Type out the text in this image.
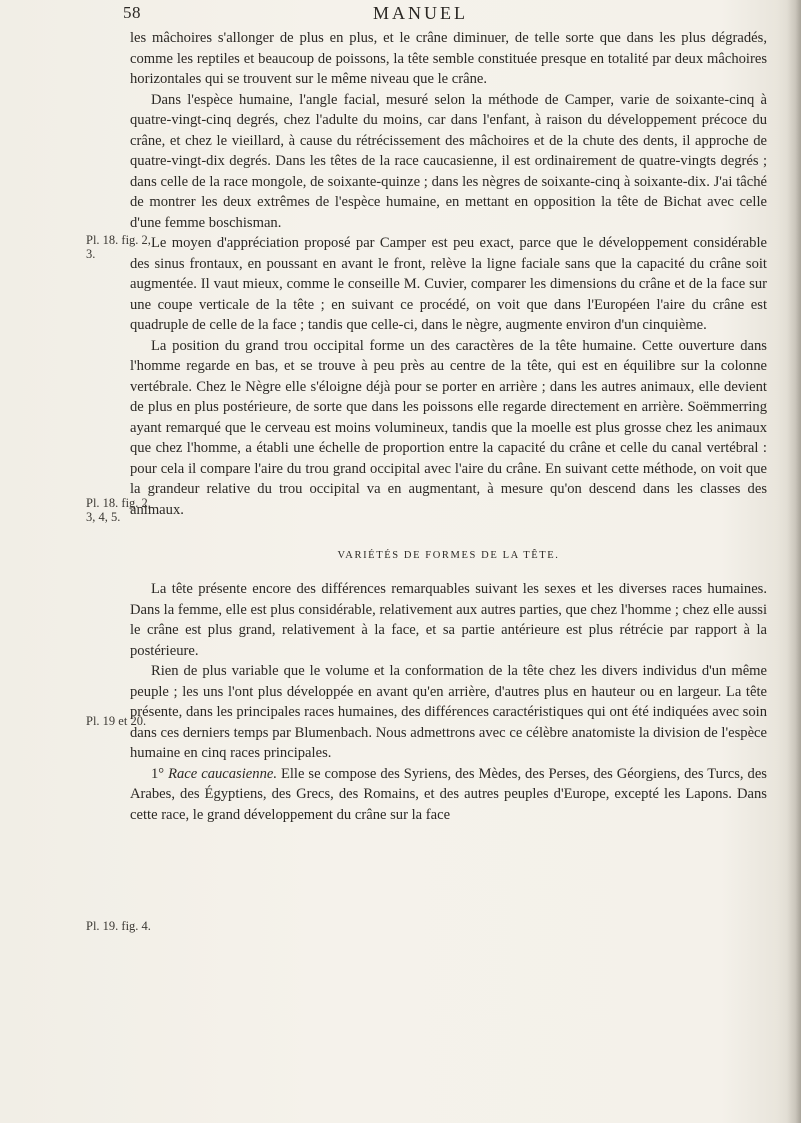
58	MANUEL
Pl. 18. fig. 2,
3.
Pl. 18. fig. 2,
3, 4, 5.
Pl. 19 et 20.
Pl. 19. fig. 4.

les mâchoires s'allonger de plus en plus, et le crâne diminuer, de telle sorte que dans les plus dégradés, comme les reptiles et beaucoup de poissons, la tête semble constituée presque en totalité par deux mâchoires horizontales qui se trouvent sur le même niveau que le crâne.

Dans l'espèce humaine, l'angle facial, mesuré selon la méthode de Camper, varie de soixante-cinq à quatre-vingt-cinq degrés, chez l'adulte du moins, car dans l'enfant, à raison du développement précoce du crâne, et chez le vieillard, à cause du rétrécissement des mâchoires et de la chute des dents, il approche de quatre-vingt-dix degrés. Dans les têtes de la race caucasienne, il est ordinairement de quatre-vingts degrés ; dans celle de la race mongole, de soixante-quinze ; dans les nègres de soixante-cinq à soixante-dix. J'ai tâché de montrer les deux extrêmes de l'espèce humaine, en mettant en opposition la tête de Bichat avec celle d'une femme boschisman.

Le moyen d'appréciation proposé par Camper est peu exact, parce que le développement considérable des sinus frontaux, en poussant en avant le front, relève la ligne faciale sans que la capacité du crâne soit augmentée. Il vaut mieux, comme le conseille M. Cuvier, comparer les dimensions du crâne et de la face sur une coupe verticale de la tête ; en suivant ce procédé, on voit que dans l'Européen l'aire du crâne est quadruple de celle de la face ; tandis que celle-ci, dans le nègre, augmente environ d'un cinquième.

La position du grand trou occipital forme un des caractères de la tête humaine. Cette ouverture dans l'homme regarde en bas, et se trouve à peu près au centre de la tête, qui est en équilibre sur la colonne vertébrale. Chez le Nègre elle s'éloigne déjà pour se porter en arrière ; dans les autres animaux, elle devient de plus en plus postérieure, de sorte que dans les poissons elle regarde directement en arrière. Soëmmerring ayant remarqué que le cerveau est moins volumineux, tandis que la moelle est plus grosse chez les animaux que chez l'homme, a établi une échelle de proportion entre la capacité du crâne et celle du canal vertébral : pour cela il compare l'aire du trou grand occipital avec l'aire du crâne. En suivant cette méthode, on voit que la grandeur relative du trou occipital va en augmentant, à mesure qu'on descend dans les classes des animaux.

VARIÉTÉS DE FORMES DE LA TÊTE.

La tête présente encore des différences remarquables suivant les sexes et les diverses races humaines. Dans la femme, elle est plus considérable, relativement aux autres parties, que chez l'homme ; chez elle aussi le crâne est plus grand, relativement à la face, et sa partie antérieure est plus rétrécie par rapport à la postérieure.

Rien de plus variable que le volume et la conformation de la tête chez les divers individus d'un même peuple ; les uns l'ont plus développée en avant qu'en arrière, d'autres plus en hauteur ou en largeur. La tête présente, dans les principales races humaines, des différences caractéristiques qui ont été indiquées avec soin dans ces derniers temps par Blumenbach. Nous admettrons avec ce célèbre anatomiste la division de l'espèce humaine en cinq races principales.

1° Race caucasienne. Elle se compose des Syriens, des Mèdes, des Perses, des Géorgiens, des Turcs, des Arabes, des Égyptiens, des Grecs, des Romains, et des autres peuples d'Europe, excepté les Lapons. Dans cette race, le grand développement du crâne sur la face
